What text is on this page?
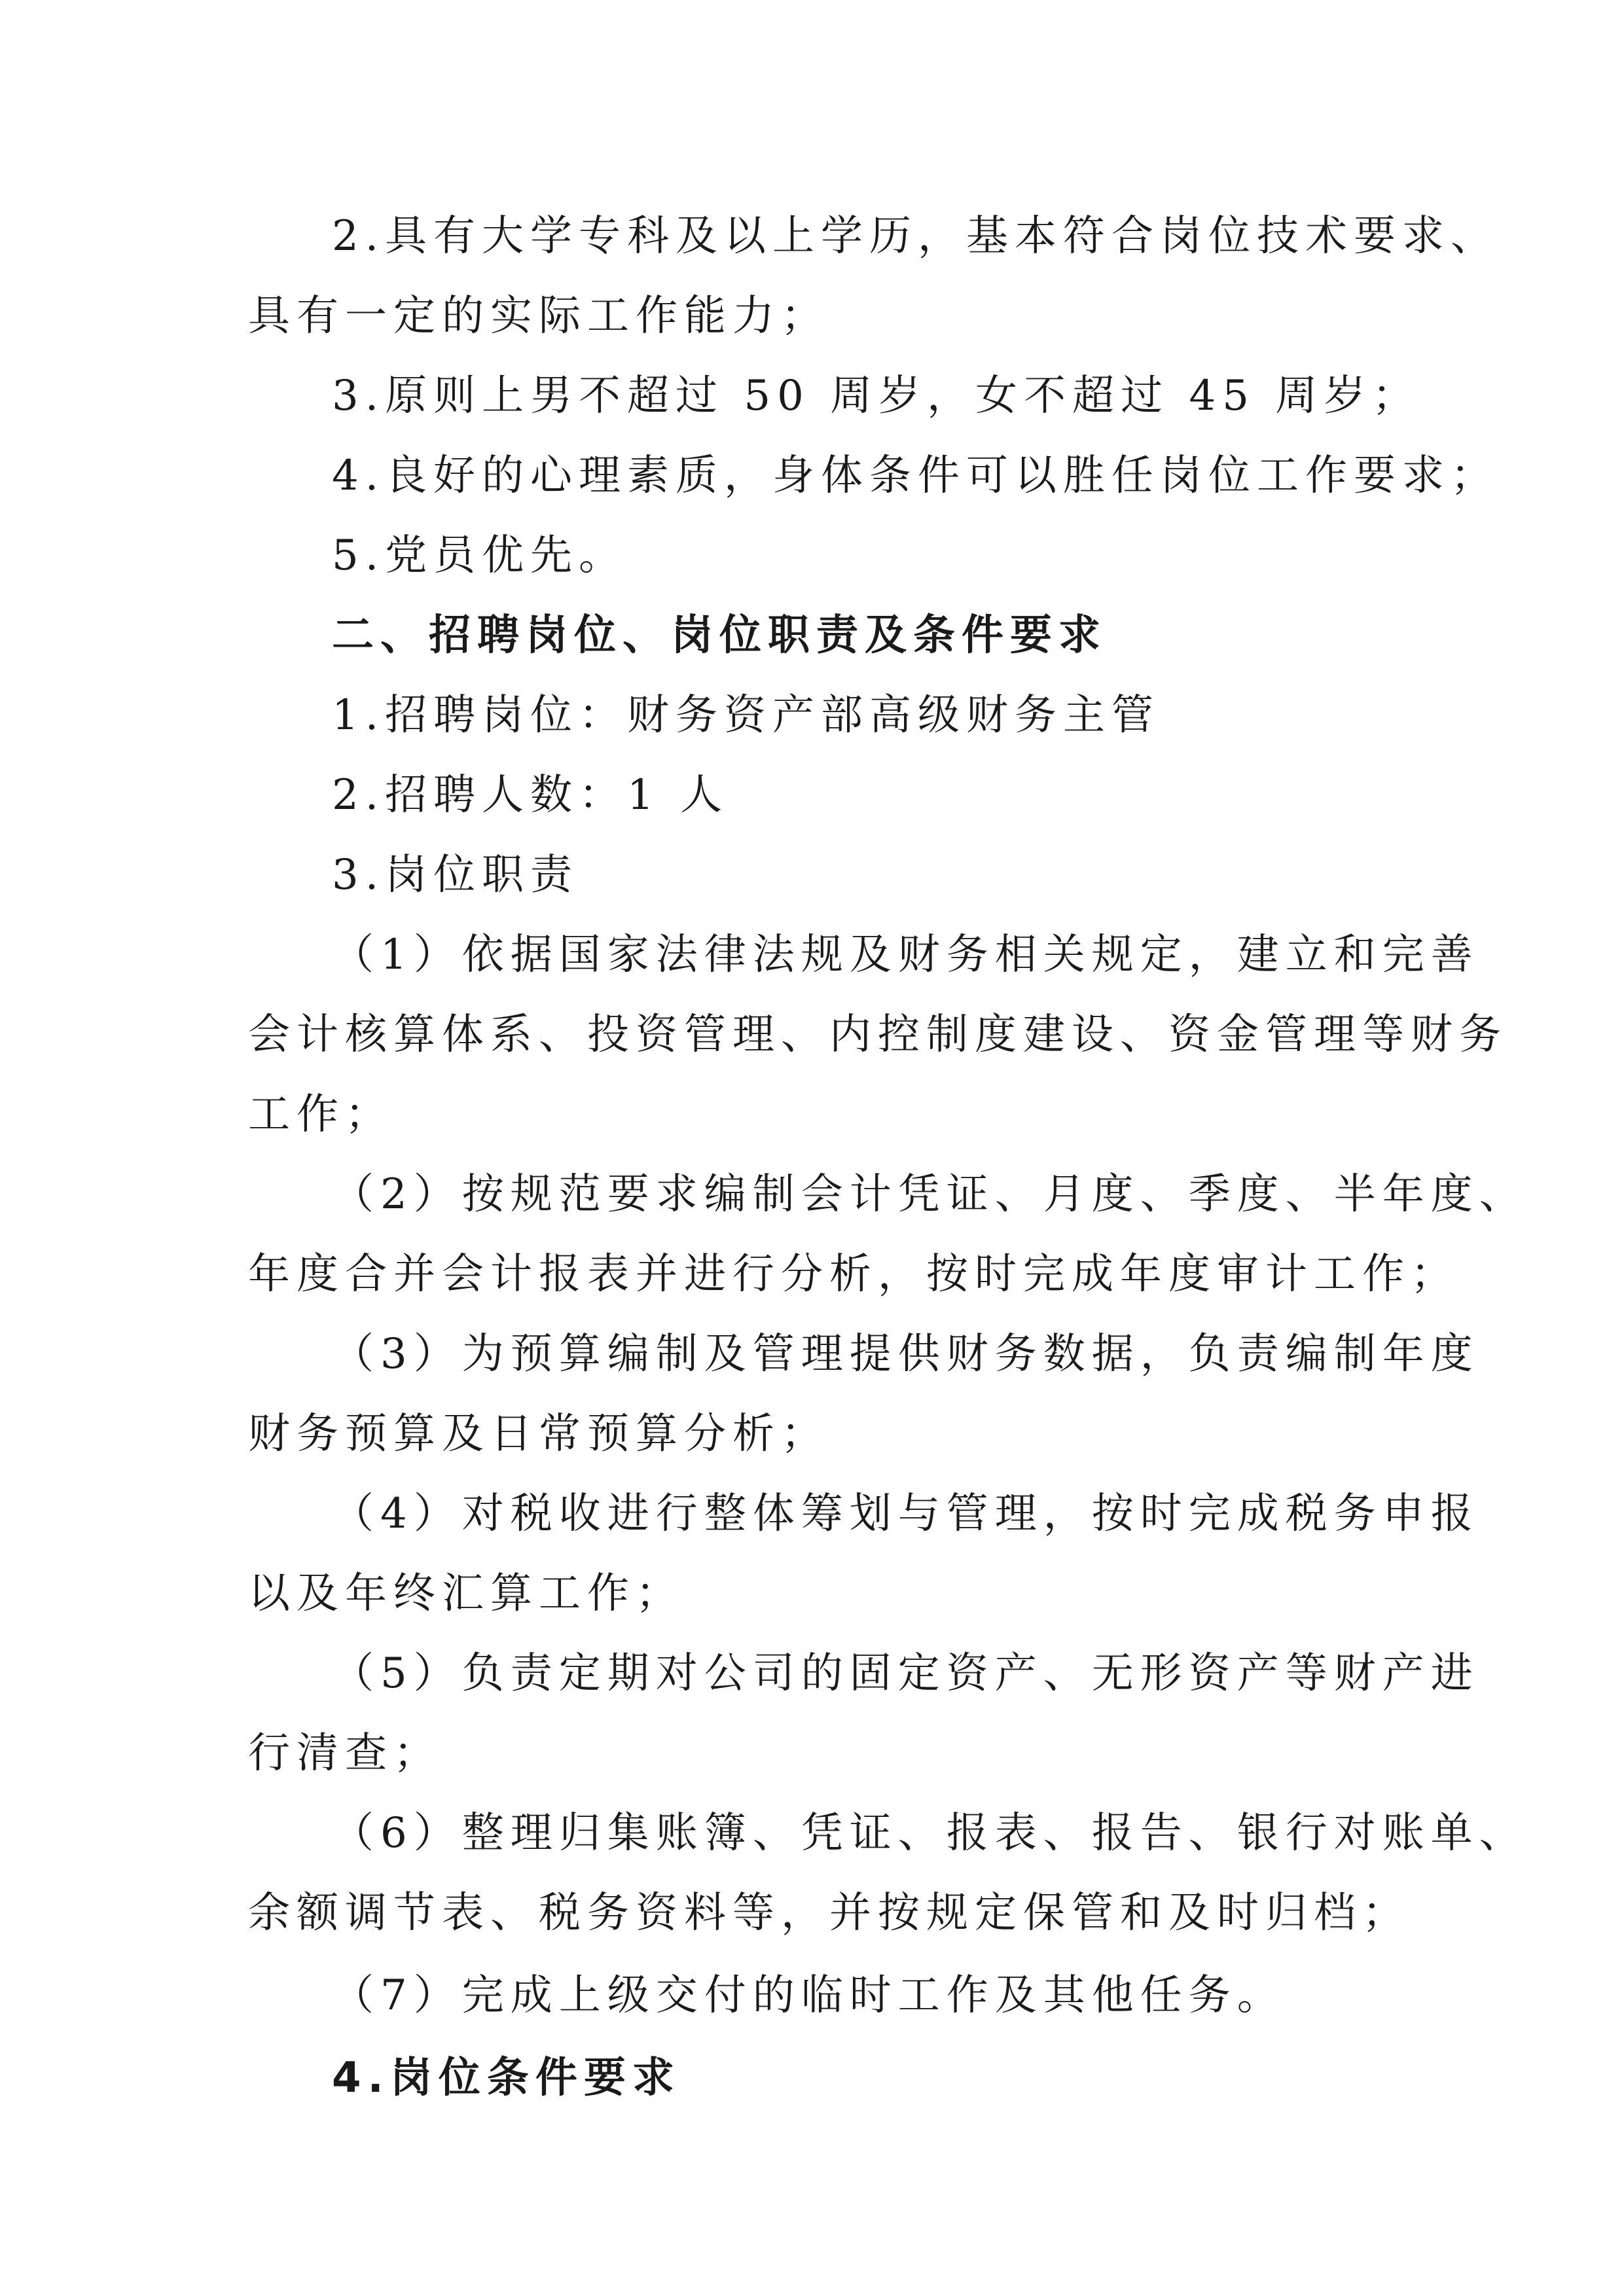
2.具有大学专科及以上学历，基本符合岗位技术要求、

具有一定的实际工作能力；

3.原则上男不超过 50 周岁，女不超过 45 周岁；

4.良好的心理素质，身体条件可以胜任岗位工作要求；

5.党员优先。

二、招聘岗位、岗位职责及条件要求

1.招聘岗位：财务资产部高级财务主管

2.招聘人数：1 人

3.岗位职责

（1）依据国家法律法规及财务相关规定，建立和完善

会计核算体系、投资管理、内控制度建设、资金管理等财务

工作；

（2）按规范要求编制会计凭证、月度、季度、半年度、

年度合并会计报表并进行分析，按时完成年度审计工作；

（3）为预算编制及管理提供财务数据，负责编制年度

财务预算及日常预算分析；

（4）对税收进行整体筹划与管理，按时完成税务申报

以及年终汇算工作；

（5）负责定期对公司的固定资产、无形资产等财产进

行清查；

（6）整理归集账簿、凭证、报表、报告、银行对账单、

余额调节表、税务资料等，并按规定保管和及时归档；

（7）完成上级交付的临时工作及其他任务。

4.岗位条件要求
